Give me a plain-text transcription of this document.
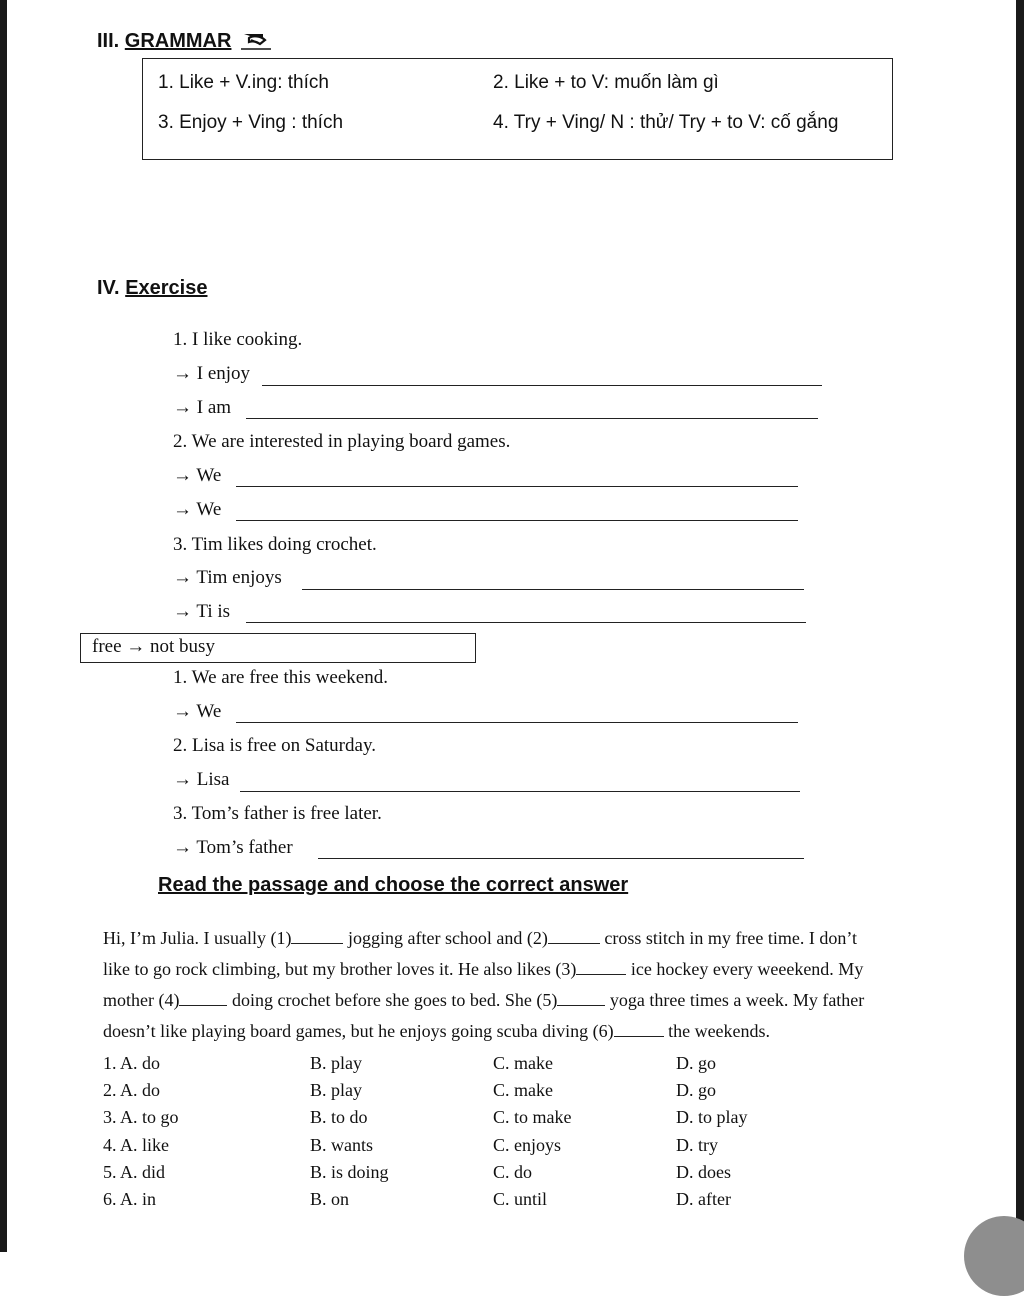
III. GRAMMAR
1. Like + V.ing: thích	2. Like + to V: muốn làm gì
3. Enjoy + Ving : thích	4. Try + Ving/ N : thử/ Try + to V: cố gắng
IV. Exercise
1. I like cooking.
→ I enjoy
→ I am
2. We are interested in playing board games.
→ We
→ We
3. Tim likes doing crochet.
→ Tim enjoys
→ Ti is
free → not busy
1. We are free this weekend.
→ We
2. Lisa is free on Saturday.
→ Lisa
3. Tom’s father is free later.
→ Tom’s father
Read the passage and choose the correct answer
Hi, I’m Julia. I usually (1)	jogging after school and (2)	cross stitch in my free time. I don’t
like to go rock climbing, but my brother loves it. He also likes (3)	ice hockey every weeekend. My
mother (4)	doing crochet before she goes to bed. She (5)	yoga three times a week. My father
doesn’t like playing board games, but he enjoys going scuba diving (6)	the weekends.
1. A. do	B. play	C. make	D. go
2. A. do	B. play	C. make	D. go
3. A. to go	B. to do	C. to make	D. to play
4. A. like	B. wants	C. enjoys	D. try
5. A. did	B. is doing	C. do	D. does
6. A. in	B. on	C. until	D. after
